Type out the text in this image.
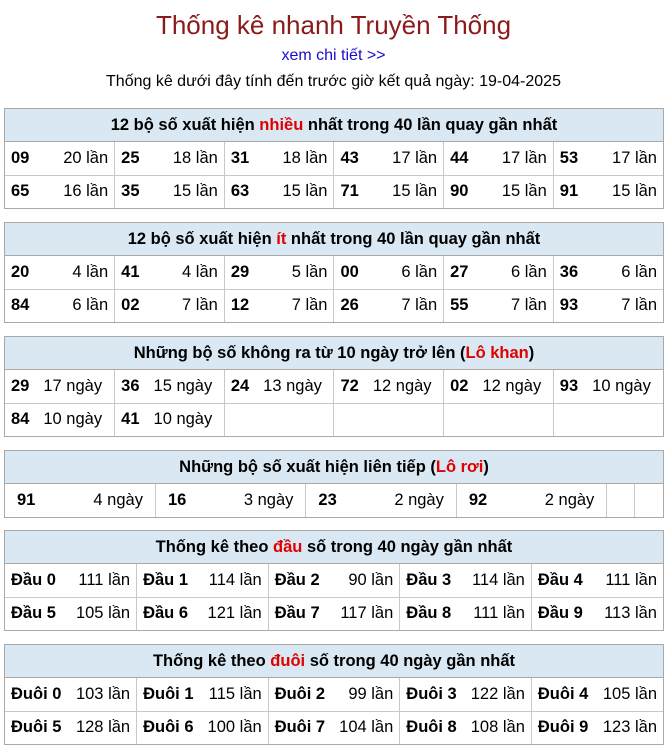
Thống kê nhanh Truyền Thống
xem chi tiết >>
Thống kê dưới đây tính đến trước giờ kết quả ngày: 19-04-2025
12 bộ số xuất hiện nhiều nhất trong 40 lần quay gần nhất
09 20 lần	25 18 lần	31 18 lần	43 17 lần	44 17 lần	53 17 lần

65 16 lần	35 15 lần	63 15 lần	71 15 lần	90 15 lần	91 15 lần
12 bộ số xuất hiện ít nhất trong 40 lần quay gần nhất
20 4 lần	41 4 lần	29 5 lần	00 6 lần	27 6 lần	36 6 lần

84 6 lần	02 7 lần	12 7 lần	26 7 lần	55 7 lần	93 7 lần
Những bộ số không ra từ 10 ngày trở lên (Lô khan)
29 17 ngày	36 15 ngày	24 13 ngày	72 12 ngày	02 12 ngày	93 10 ngày

84 10 ngày	41 10 ngày				

Những bộ số xuất hiện liên tiếp (Lô rơi)
91	4 ngày	16	3 ngày	23	2 ngày	92	2 ngày

Thống kê theo đầu số trong 40 ngày gần nhất
Đầu 0 111 lần	Đầu 1 114 lần	Đầu 2 90 lần	Đầu 3 114 lần	Đầu 4 111 lần

Đầu 5 105 lần	Đầu 6 121 lần	Đầu 7 117 lần	Đầu 8 111 lần	Đầu 9 113 lần
Thống kê theo đuôi số trong 40 ngày gần nhất
Đuôi 0 103 lần	Đuôi 1 115 lần	Đuôi 2 99 lần	Đuôi 3 122 lần	Đuôi 4 105 lần

Đuôi 5 128 lần	Đuôi 6 100 lần	Đuôi 7 104 lần	Đuôi 8 108 lần	Đuôi 9 123 lần
